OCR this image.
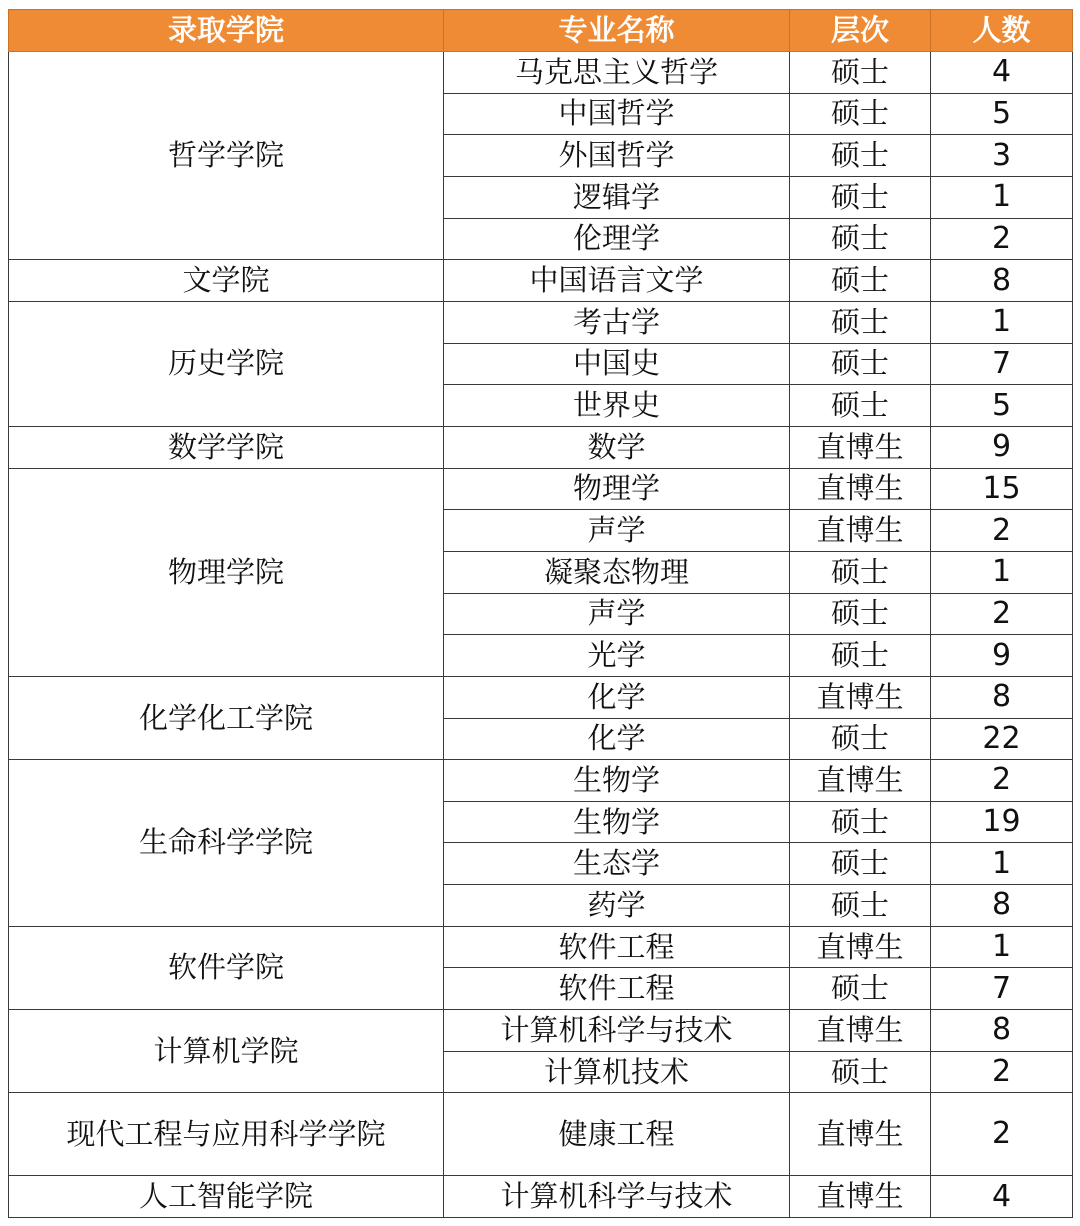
录取学院	专业名称	层次	人数
哲学学院	马克思主义哲学	硕士	4
	中国哲学	硕士	5
	外国哲学	硕士	3
	逻辑学	硕士	1
	伦理学	硕士	2
文学院	中国语言文学	硕士	8
历史学院	考古学	硕士	1
	中国史	硕士	7
	世界史	硕士	5
数学学院	数学	直博生	9
物理学院	物理学	直博生	15
	声学	直博生	2
	凝聚态物理	硕士	1
	声学	硕士	2
	光学	硕士	9
化学化工学院	化学	直博生	8
	化学	硕士	22
生命科学学院	生物学	直博生	2
	生物学	硕士	19
	生态学	硕士	1
	药学	硕士	8
软件学院	软件工程	直博生	1
	软件工程	硕士	7
计算机学院	计算机科学与技术	直博生	8
	计算机技术	硕士	2
现代工程与应用科学学院	健康工程	直博生	2
人工智能学院	计算机科学与技术	直博生	4
